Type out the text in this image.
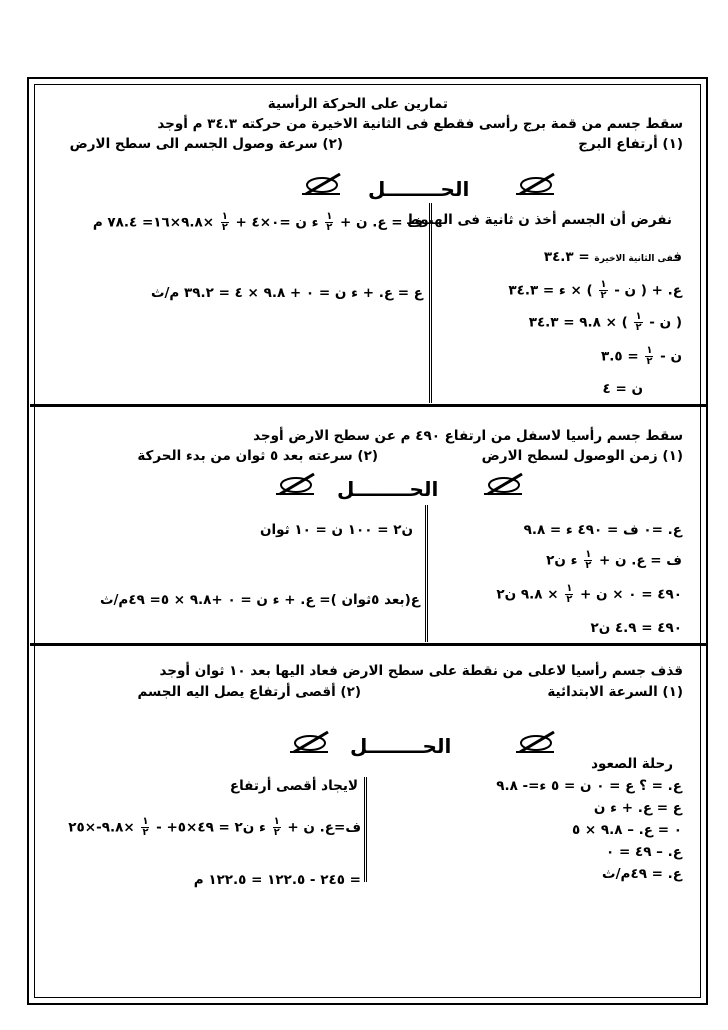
تمارين على الحركة الرأسية
سقط جسم من قمة برج رأسى فقطع فى الثانية الاخيرة من حركته ٣٤.٣ م أوجد
(١) أرتفاع البرج
(٢) سرعة وصول الجسم الى سطح الارض
الحــــــــل
نفرض أن الجسم أخذ ن ثانية فى الهبوط
ففى الثانية الاخيرة = ٣٤.٣
ع. + ( ن -
$\frac{١}{٢}$
) × ء = ٣٤.٣
( ن -
$\frac{١}{٢}$
) × ٩.٨ = ٣٤.٣
ن -
$\frac{١}{٢}$
= ٣.٥
ن = ٤
ف = ع. ن +
$\frac{١}{٢}$
ء ن =٠×٤ +
$\frac{١}{٢}$
×٩.٨×١٦= ٧٨.٤ م
ع = ع. + ء ن = ٠ + ٩.٨ × ٤ = ٣٩.٢ م/ث
سقط جسم رأسيا لاسفل من ارتفاع ٤٩٠ م عن سطح الارض أوجد
(١) زمن الوصول لسطح الارض
(٢) سرعته بعد ٥ ثوان من بدء الحركة
الحــــــــل
ع. =٠ ف = ٤٩٠ ء = ٩.٨
ف = ع. ن +
$\frac{١}{٢}$
ء ن٢
٤٩٠ = ٠ × ن +
$\frac{١}{٢}$
× ٩.٨ ن٢
٤٩٠ = ٤.٩ ن٢
ن٢ = ١٠٠ ن = ١٠ ثوان
ع(بعد ٥ثوان )= ع. + ء ن = ٠ +٩.٨ × ٥= ٤٩م/ث
قذف جسم رأسيا لاعلى من نقطة على سطح الارض فعاد اليها بعد ١٠ ثوان أوجد
(١) السرعة الابتدائية
(٢) أقصى أرتفاع يصل اليه الجسم
الحــــــــل
رحلة الصعود
ع. = ؟ ع = ٠ ن = ٥ ء=- ٩.٨
ع = ع. + ء ن
٠ = ع. – ٩.٨ × ٥
ع. – ٤٩ = ٠
ع. = ٤٩م/ث
لايجاد أقصى أرتفاع
ف=ع. ن +
$\frac{١}{٢}$
ء ن٢ = ٤٩×٥+ -
$\frac{١}{٢}$
×٩.٨-×٢٥
= ٢٤٥ - ١٢٢.٥ = ١٢٢.٥ م
